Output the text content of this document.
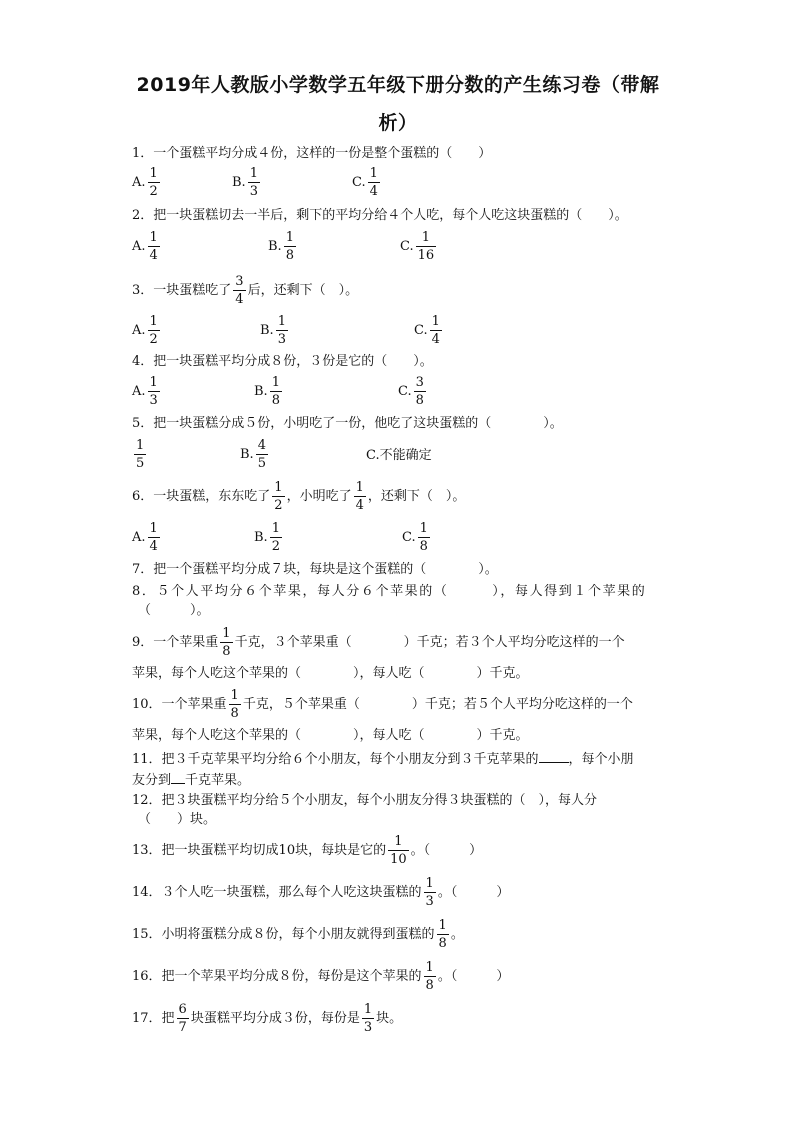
2019年人教版小学数学五年级下册分数的产生练习卷（带解
析）
1．一个蛋糕平均分成４份，这样的一份是整个蛋糕的（　　）
A. $\frac{1}{2}$	B. $\frac{1}{3}$	C. $\frac{1}{4}$
2．把一块蛋糕切去一半后，剩下的平均分给４个人吃，每个人吃这块蛋糕的（　　）。
A. $\frac{1}{4}$	B. $\frac{1}{8}$	C. $\frac{1}{16}$
3．一块蛋糕吃了 $\frac{3}{4}$ 后，还剩下（　）。
A. $\frac{1}{2}$	B. $\frac{1}{3}$	C. $\frac{1}{4}$
4．把一块蛋糕平均分成８份，３份是它的（　　）。
A. $\frac{1}{3}$	B. $\frac{1}{8}$	C. $\frac{3}{8}$
5．把一块蛋糕分成５份，小明吃了一份，他吃了这块蛋糕的（　　　　）。
$\frac{1}{5}$	B. $\frac{4}{5}$	C.不能确定
6．一块蛋糕，东东吃了 $\frac{1}{2}$ ，小明吃了 $\frac{1}{4}$ ，还剩下（　）。
A. $\frac{1}{4}$	B. $\frac{1}{2}$	C. $\frac{1}{8}$
7．把一个蛋糕平均分成７块，每块是这个蛋糕的（　　　　）。
8．５个人平均分６个苹果，每人分６个苹果的（　　　），每人得到１个苹果的
（　　　）。
9．一个苹果重 $\frac{1}{8}$ 千克，３个苹果重（　　　　）千克；若３个人平均分吃这样的一个
苹果，每个人吃这个苹果的（　　　　），每人吃（　　　　）千克。
10．一个苹果重 $\frac{1}{8}$ 千克，５个苹果重（　　　　）千克；若５个人平均分吃这样的一个
苹果，每个人吃这个苹果的（　　　　），每人吃（　　　　）千克。
11．把３千克苹果平均分给６个小朋友，每个小朋友分到３千克苹果的 ，每个小朋
友分到 千克苹果。
12．把３块蛋糕平均分给５个小朋友，每个小朋友分得３块蛋糕的（　），每人分
（　　）块。
13．把一块蛋糕平均切成10块，每块是它的 $\frac{1}{10}$ 。（　　　）
14．３个人吃一块蛋糕，那么每个人吃这块蛋糕的 $\frac{1}{3}$ 。（　　　）
15．小明将蛋糕分成８份，每个小朋友就得到蛋糕的 $\frac{1}{8}$ 。
16．把一个苹果平均分成８份，每份是这个苹果的 $\frac{1}{8}$ 。（　　　）
17．把 $\frac{6}{7}$ 块蛋糕平均分成３份，每份是 $\frac{1}{3}$ 块。
